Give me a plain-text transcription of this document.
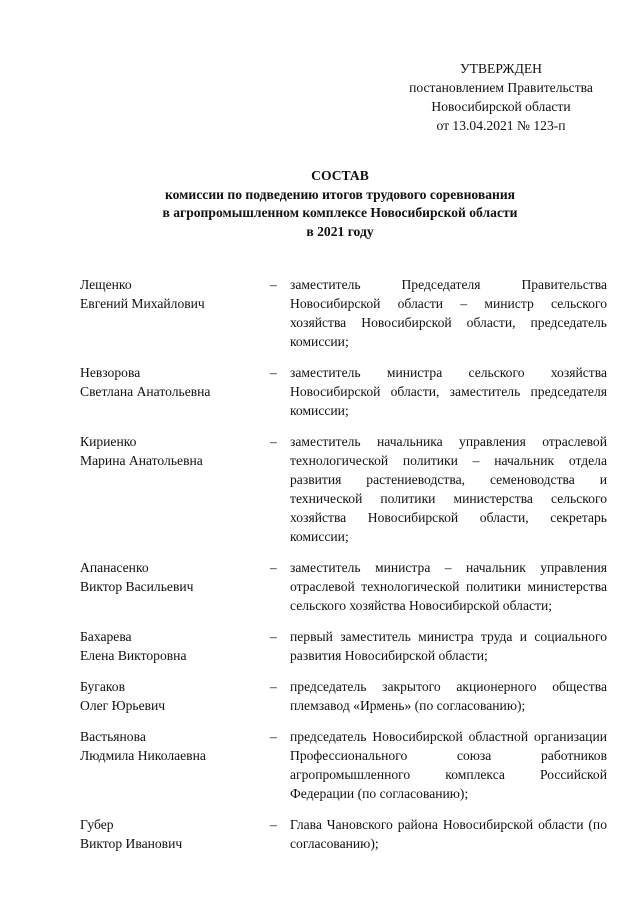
УТВЕРЖДЕН
постановлением Правительства
Новосибирской области
от 13.04.2021 № 123-п
СОСТАВ
комиссии по подведению итогов трудового соревнования
в агропромышленном комплексе Новосибирской области
в 2021 году
Лещенко
Евгений Михайлович
– заместитель Председателя Правительства Новосибирской области – министр сельского хозяйства Новосибирской области, председатель комиссии;
Невзорова
Светлана Анатольевна
– заместитель министра сельского хозяйства Новосибирской области, заместитель председателя комиссии;
Кириенко
Марина Анатольевна
– заместитель начальника управления отраслевой технологической политики – начальник отдела развития растениеводства, семеноводства и технической политики министерства сельского хозяйства Новосибирской области, секретарь комиссии;
Апанасенко
Виктор Васильевич
– заместитель министра – начальник управления отраслевой технологической политики министерства сельского хозяйства Новосибирской области;
Бахарева
Елена Викторовна
– первый заместитель министра труда и социального развития Новосибирской области;
Бугаков
Олег Юрьевич
– председатель закрытого акционерного общества племзавод «Ирмень» (по согласованию);
Вастьянова
Людмила Николаевна
– председатель Новосибирской областной организации Профессионального союза работников агропромышленного комплекса Российской Федерации (по согласованию);
Губер
Виктор Иванович
– Глава Чановского района Новосибирской области (по согласованию);
